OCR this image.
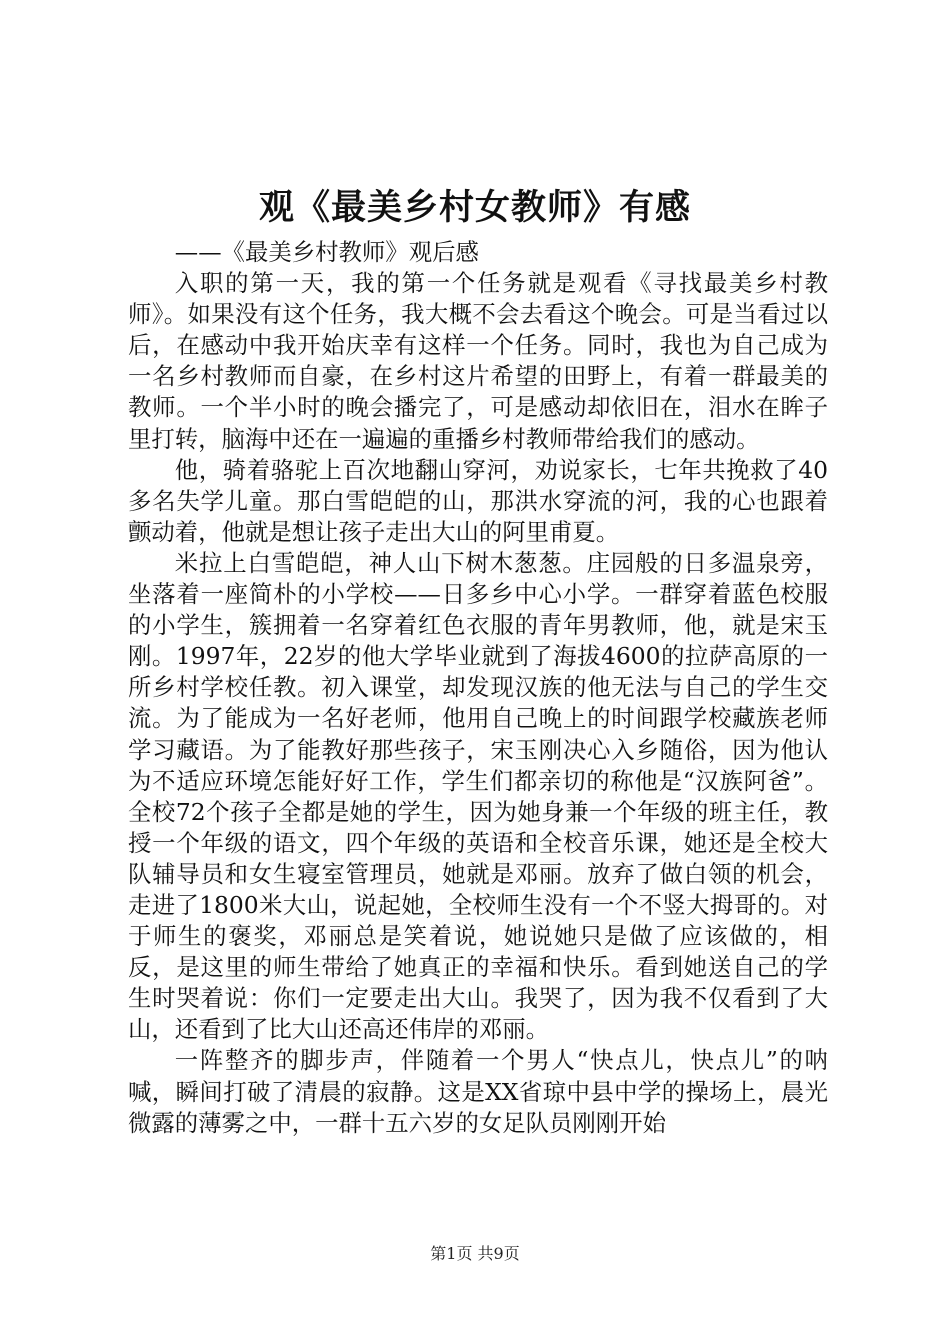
观《最美乡村女教师》有感

——《最美乡村教师》观后感

入职的第一天，我的第一个任务就是观看《寻找最美乡村教师》。如果没有这个任务，我大概不会去看这个晚会。可是当看过以后，在感动中我开始庆幸有这样一个任务。同时，我也为自己成为一名乡村教师而自豪，在乡村这片希望的田野上，有着一群最美的教师。一个半小时的晚会播完了，可是感动却依旧在，泪水在眸子里打转，脑海中还在一遍遍的重播乡村教师带给我们的感动。

他，骑着骆驼上百次地翻山穿河，劝说家长，七年共挽救了40多名失学儿童。那白雪皑皑的山，那洪水穿流的河，我的心也跟着颤动着，他就是想让孩子走出大山的阿里甫夏。

米拉上白雪皑皑，神人山下树木葱葱。庄园般的日多温泉旁，坐落着一座简朴的小学校——日多乡中心小学。一群穿着蓝色校服的小学生，簇拥着一名穿着红色衣服的青年男教师，他，就是宋玉刚。1997年，22岁的他大学毕业就到了海拔4600的拉萨高原的一所乡村学校任教。初入课堂，却发现汉族的他无法与自己的学生交流。为了能成为一名好老师，他用自己晚上的时间跟学校藏族老师学习藏语。为了能教好那些孩子，宋玉刚决心入乡随俗，因为他认为不适应环境怎能好好工作，学生们都亲切的称他是“汉族阿爸”。全校72个孩子全都是她的学生，因为她身兼一个年级的班主任，教授一个年级的语文，四个年级的英语和全校音乐课，她还是全校大队辅导员和女生寝室管理员，她就是邓丽。放弃了做白领的机会，走进了1800米大山，说起她，全校师生没有一个不竖大拇哥的。对于师生的褒奖，邓丽总是笑着说，她说她只是做了应该做的，相反，是这里的师生带给了她真正的幸福和快乐。看到她送自己的学生时哭着说：你们一定要走出大山。我哭了，因为我不仅看到了大山，还看到了比大山还高还伟岸的邓丽。

一阵整齐的脚步声，伴随着一个男人“快点儿，快点儿”的呐喊，瞬间打破了清晨的寂静。这是XX省琼中县中学的操场上，晨光微露的薄雾之中，一群十五六岁的女足队员刚刚开始

第1页 共9页
